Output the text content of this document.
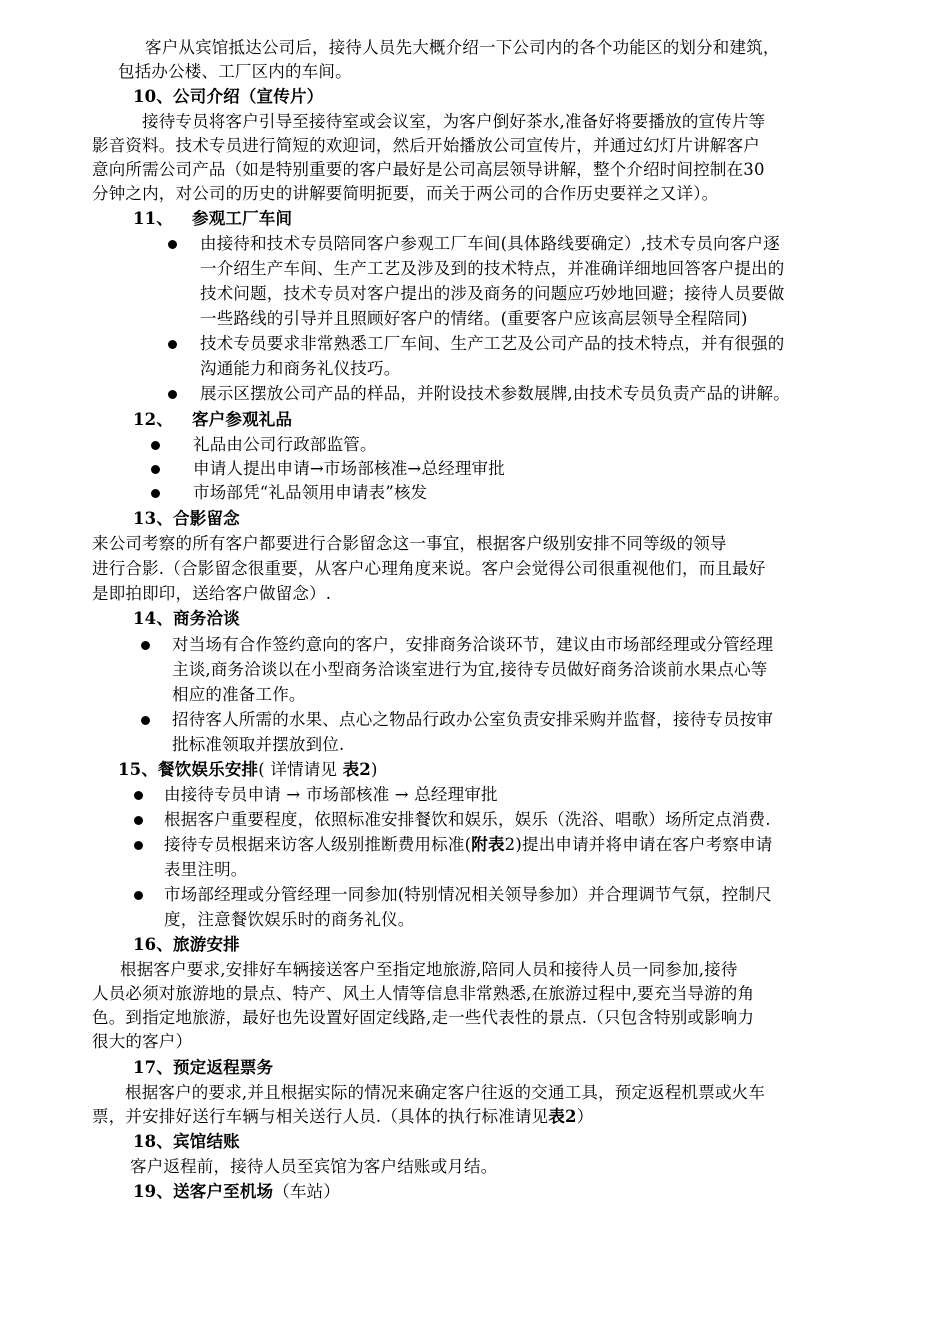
客户从宾馆抵达公司后，接待人员先大概介绍一下公司内的各个功能区的划分和建筑，
包括办公楼、工厂区内的车间。
10、公司介绍（宣传片）
接待专员将客户引导至接待室或会议室，为客户倒好茶水,准备好将要播放的宣传片等
影音资料。技术专员进行简短的欢迎词，然后开始播放公司宣传片，并通过幻灯片讲解客户
意向所需公司产品（如是特别重要的客户最好是公司高层领导讲解，整个介绍时间控制在30
分钟之内，对公司的历史的讲解要简明扼要，而关于两公司的合作历史要祥之又详）。
11、 参观工厂车间
由接待和技术专员陪同客户参观工厂车间(具体路线要确定）,技术专员向客户逐
一介绍生产车间、生产工艺及涉及到的技术特点，并准确详细地回答客户提出的
技术问题，技术专员对客户提出的涉及商务的问题应巧妙地回避；接待人员要做
一些路线的引导并且照顾好客户的情绪。(重要客户应该高层领导全程陪同)
技术专员要求非常熟悉工厂车间、生产工艺及公司产品的技术特点，并有很强的
沟通能力和商务礼仪技巧。
展示区摆放公司产品的样品，并附设技术参数展牌,由技术专员负责产品的讲解。
12、 客户参观礼品
礼品由公司行政部监管。
申请人提出申请→市场部核准→总经理审批
市场部凭“礼品领用申请表”核发
13、合影留念
来公司考察的所有客户都要进行合影留念这一事宜，根据客户级别安排不同等级的领导
进行合影.（合影留念很重要，从客户心理角度来说。客户会觉得公司很重视他们，而且最好
是即拍即印，送给客户做留念）.
14、商务洽谈
对当场有合作签约意向的客户，安排商务洽谈环节，建议由市场部经理或分管经理
主谈,商务洽谈以在小型商务洽谈室进行为宜,接待专员做好商务洽谈前水果点心等
相应的准备工作。
招待客人所需的水果、点心之物品行政办公室负责安排采购并监督，接待专员按审
批标准领取并摆放到位.
15、餐饮娱乐安排( 详情请见 表2)
由接待专员申请 → 市场部核准 → 总经理审批
根据客户重要程度，依照标准安排餐饮和娱乐，娱乐（洗浴、唱歌）场所定点消费.
接待专员根据来访客人级别推断费用标准(附表2)提出申请并将申请在客户考察申请
表里注明。
市场部经理或分管经理一同参加(特别情况相关领导参加）并合理调节气氛，控制尺
度，注意餐饮娱乐时的商务礼仪。
16、旅游安排
根据客户要求,安排好车辆接送客户至指定地旅游,陪同人员和接待人员一同参加,接待
人员必须对旅游地的景点、特产、风土人情等信息非常熟悉,在旅游过程中,要充当导游的角
色。到指定地旅游，最好也先设置好固定线路,走一些代表性的景点.（只包含特别或影响力
很大的客户）
17、预定返程票务
根据客户的要求,并且根据实际的情况来确定客户往返的交通工具，预定返程机票或火车
票，并安排好送行车辆与相关送行人员.（具体的执行标准请见表2）
18、宾馆结账
客户返程前，接待人员至宾馆为客户结账或月结。
19、送客户至机场（车站）
